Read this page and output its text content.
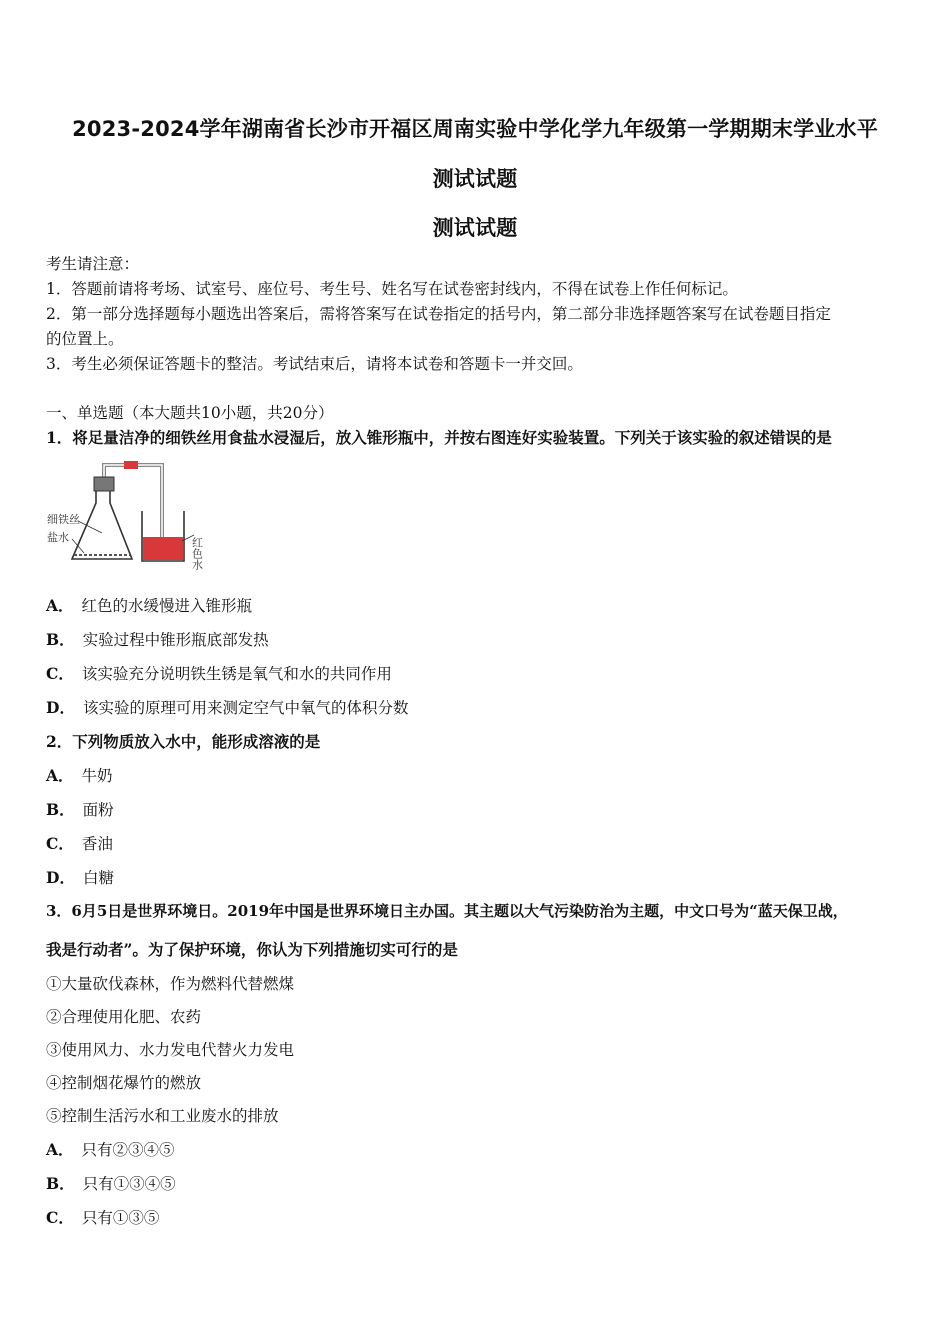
2023-2024学年湖南省长沙市开福区周南实验中学化学九年级第一学期期末学业水平
测试试题
测试试题
考生请注意：
1．答题前请将考场、试室号、座位号、考生号、姓名写在试卷密封线内，不得在试卷上作任何标记。
2．第一部分选择题每小题选出答案后，需将答案写在试卷指定的括号内，第二部分非选择题答案写在试卷题目指定
的位置上。
3．考生必须保证答题卡的整洁。考试结束后，请将本试卷和答题卡一并交回。
一、单选题（本大题共10小题，共20分）
1．将足量洁净的细铁丝用食盐水浸湿后，放入锥形瓶中，并按右图连好实验装置。下列关于该实验的叙述错误的是
细铁丝
盐水	红色水
A． 红色的水缓慢进入锥形瓶
B． 实验过程中锥形瓶底部发热
C． 该实验充分说明铁生锈是氧气和水的共同作用
D． 该实验的原理可用来测定空气中氧气的体积分数
2．下列物质放入水中，能形成溶液的是
A． 牛奶
B． 面粉
C． 香油
D． 白糖
3．6月5日是世界环境日。2019年中国是世界环境日主办国。其主题以大气污染防治为主题，中文口号为“蓝天保卫战，
我是行动者”。为了保护环境，你认为下列措施切实可行的是
①大量砍伐森林，作为燃料代替燃煤
②合理使用化肥、农药
③使用风力、水力发电代替火力发电
④控制烟花爆竹的燃放
⑤控制生活污水和工业废水的排放
A． 只有②③④⑤
B． 只有①③④⑤
C． 只有①③⑤
